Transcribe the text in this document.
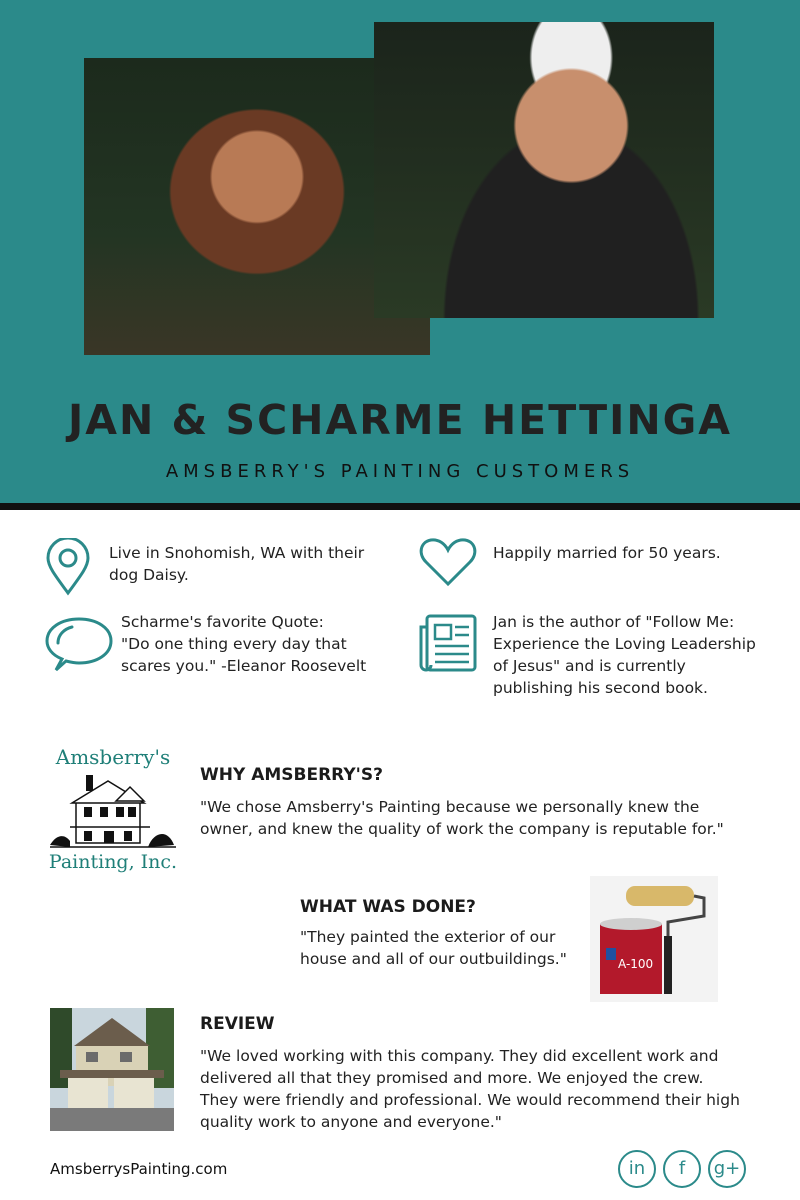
JAN & SCHARME HETTINGA
AMSBERRY'S PAINTING CUSTOMERS
Live in Snohomish, WA with their dog Daisy.
Happily married for 50 years.
Scharme's favorite Quote:
"Do one thing every day that scares you." -Eleanor Roosevelt
Jan is the author of "Follow Me: Experience the Loving Leadership of Jesus" and is currently publishing his second book.
Amsberry's
Painting, Inc.
WHY AMSBERRY'S?
"We chose Amsberry's Painting because we personally knew the owner, and knew the quality of work the company is reputable for."
WHAT WAS DONE?
"They painted the exterior of our house and all of our outbuildings."	A-100
REVIEW
"We loved working with this company. They did excellent work and delivered all that they promised and more. We enjoyed the crew. They were friendly and professional. We would recommend their high quality work to anyone and everyone."
AmsberrysPainting.com	in	f	g+
